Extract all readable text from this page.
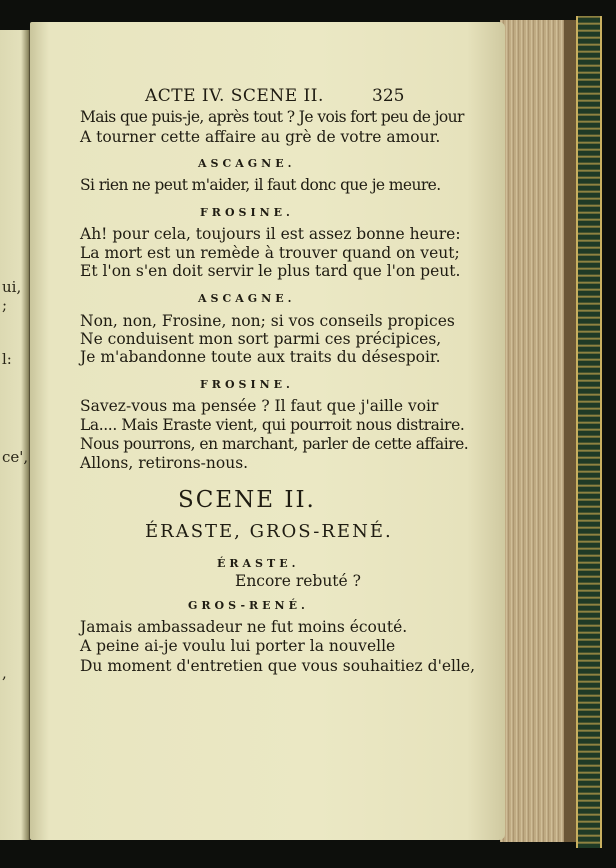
ui,
;
l:
ce',
,
ACTE IV. SCENE II.	325
Mais que puis-je, après tout ? Je vois fort peu de jour
A tourner cette affaire au grè de votre amour.
ASCAGNE.
Si rien ne peut m'aider, il faut donc que je meure.
FROSINE.
Ah! pour cela, toujours il est assez bonne heure:
La mort est un remède à trouver quand on veut;
Et l'on s'en doit servir le plus tard que l'on peut.
ASCAGNE.
Non, non, Frosine, non; si vos conseils propices
Ne conduisent mon sort parmi ces précipices,
Je m'abandonne toute aux traits du désespoir.
FROSINE.
Savez-vous ma pensée ? Il faut que j'aille voir
La.... Mais Eraste vient, qui pourroit nous distraire.
Nous pourrons, en marchant, parler de cette affaire.
Allons, retirons-nous.
SCENE II.
ÉRASTE, GROS-RENÉ.
ÉRASTE.
Encore rebuté ?
GROS-RENÉ.
Jamais ambassadeur ne fut moins écouté.
A peine ai-je voulu lui porter la nouvelle
Du moment d'entretien que vous souhaitiez d'elle,
